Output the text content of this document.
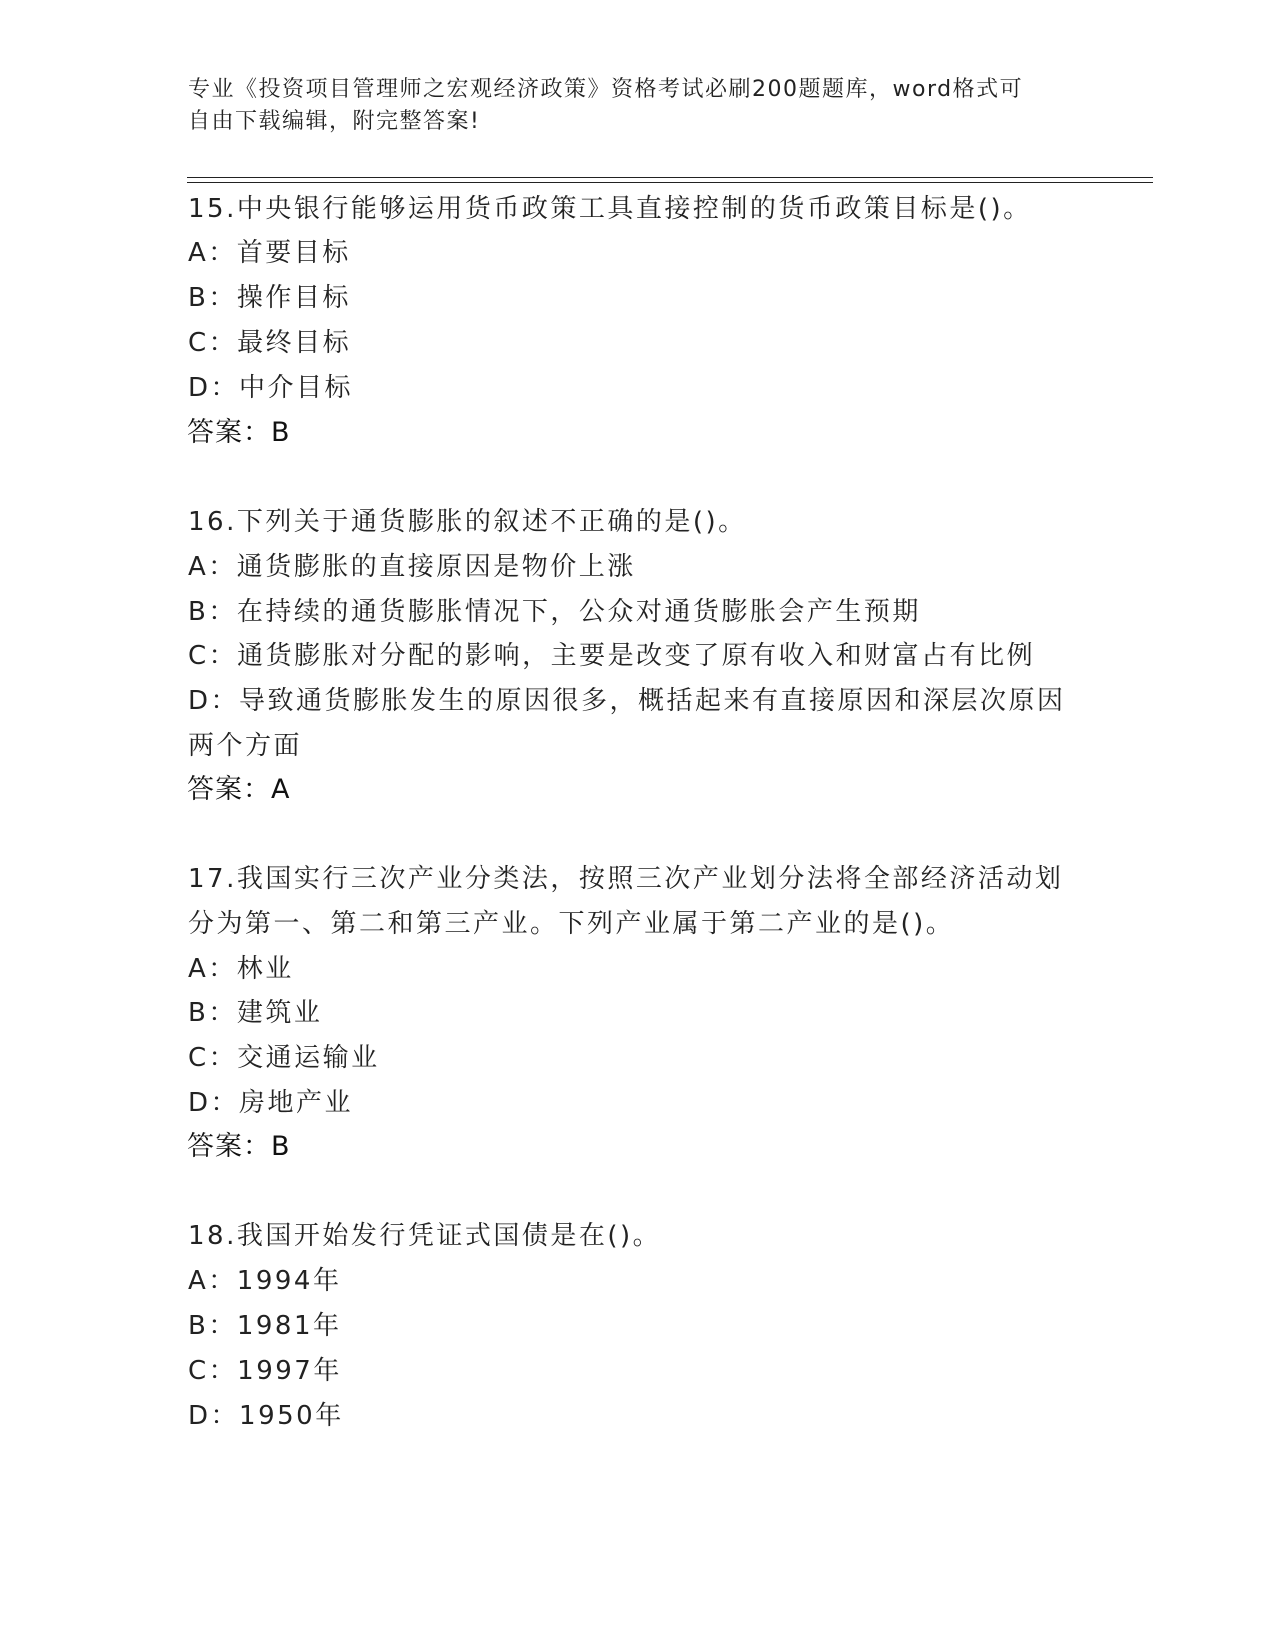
专业《投资项目管理师之宏观经济政策》资格考试必刷200题题库，word格式可
自由下载编辑，附完整答案!
15.中央银行能够运用货币政策工具直接控制的货币政策目标是()。
A：首要目标
B：操作目标
C：最终目标
D：中介目标
答案：B
16.下列关于通货膨胀的叙述不正确的是()。
A：通货膨胀的直接原因是物价上涨
B：在持续的通货膨胀情况下，公众对通货膨胀会产生预期
C：通货膨胀对分配的影响，主要是改变了原有收入和财富占有比例
D：导致通货膨胀发生的原因很多，概括起来有直接原因和深层次原因
两个方面
答案：A
17.我国实行三次产业分类法，按照三次产业划分法将全部经济活动划
分为第一、第二和第三产业。下列产业属于第二产业的是()。
A：林业
B：建筑业
C：交通运输业
D：房地产业
答案：B
18.我国开始发行凭证式国债是在()。
A：1994年
B：1981年
C：1997年
D：1950年
